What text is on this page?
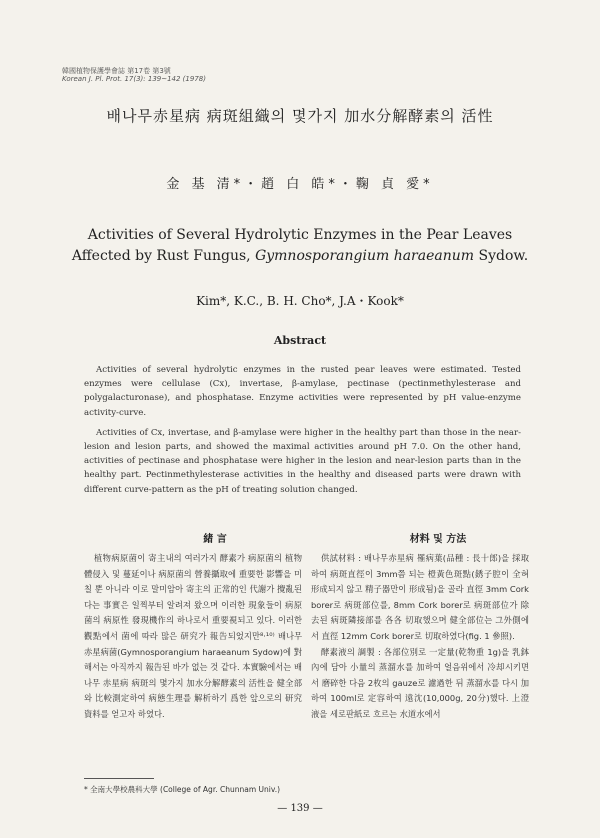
韓國植物保護學會誌 第17卷 第3號
Korean J. Pl. Prot. 17(3): 139~142 (1978)
배나무赤星病 病斑組織의 몇가지 加水分解酵素의 活性
金 基 清*・趙 白 皓*・鞠 貞 愛*
Activities of Several Hydrolytic Enzymes in the Pear Leaves
Affected by Rust Fungus, Gymnosporangium haraeanum Sydow.
Kim*, K.C., B. H. Cho*, J.A・Kook*
Abstract

Activities of several hydrolytic enzymes in the rusted pear leaves were estimated. Tested enzymes were cellulase (Cx), invertase, β-amylase, pectinase (pectinmethylesterase and polygalacturonase), and phosphatase. Enzyme activities were represented by pH value-enzyme activity-curve.

Activities of Cx, invertase, and β-amylase were higher in the healthy part than those in the near-lesion and lesion parts, and showed the maximal activities around pH 7.0. On the other hand, activities of pectinase and phosphatase were higher in the lesion and near-lesion parts than in the healthy part. Pectinmethylesterase activities in the healthy and diseased parts were drawn with different curve-pattern as the pH of treating solution changed.

緒 言	材料 및 方法

植物病原菌이 寄主내의 여러가지 酵素가 病原菌의 植物體侵入 및 蔓延이나 病原菌의 營養攝取에 重要한 影響을 미칠 뿐 아니라 이로 말미암아 寄主의 正常的인 代謝가 攪亂된다는 事實은 일찍부터 알려져 왔으며 이러한 現象들이 病原菌의 病原性 發現機作의 하나로서 重要視되고 있다. 이러한 觀點에서 菌에 따라 많은 研究가 報告되었지만⁸·¹⁰⁾ 배나무 赤星病菌(Gymnosporangium haraeanum Sydow)에 對해서는 아직까지 報告된 바가 없는 것 같다. 本實驗에서는 배나무 赤星病 病斑의 몇가지 加水分解酵素의 活性을 健全部와 比較測定하여 病態生理를 解析하기 爲한 앞으로의 研究資料를 얻고자 하였다.

供試材料 : 배나무赤星病 罹病葉(品種 : 長十郎)을 採取하여 病斑直徑이 3mm쯤 되는 橙黃色斑點(銹子腔이 全혀 形成되지 않고 精子器만이 形成됨)을 골라 直徑 3mm Cork borer로 病斑部位를, 8mm Cork borer로 病斑部位가 除去된 病斑隣接部를 各各 切取했으며 健全部位는 그外側에서 直徑 12mm Cork borer로 切取하였다(fig. 1 參照).

酵素液의 調製 : 各部位別로 一定量(乾物重 1g)을 乳鉢內에 담아 小量의 蒸溜水를 加하여 얼음위에서 冷却시키면서 磨碎한 다음 2枚의 gauze로 濾過한 뒤 蒸溜水를 다시 加하여 100ml로 定容하여 遠沈(10,000g, 20分)했다. 上澄液을 세로판紙로 흐르는 水道水에서

* 全南大學校農科大學 (College of Agr. Chunnam Univ.)
— 139 —
